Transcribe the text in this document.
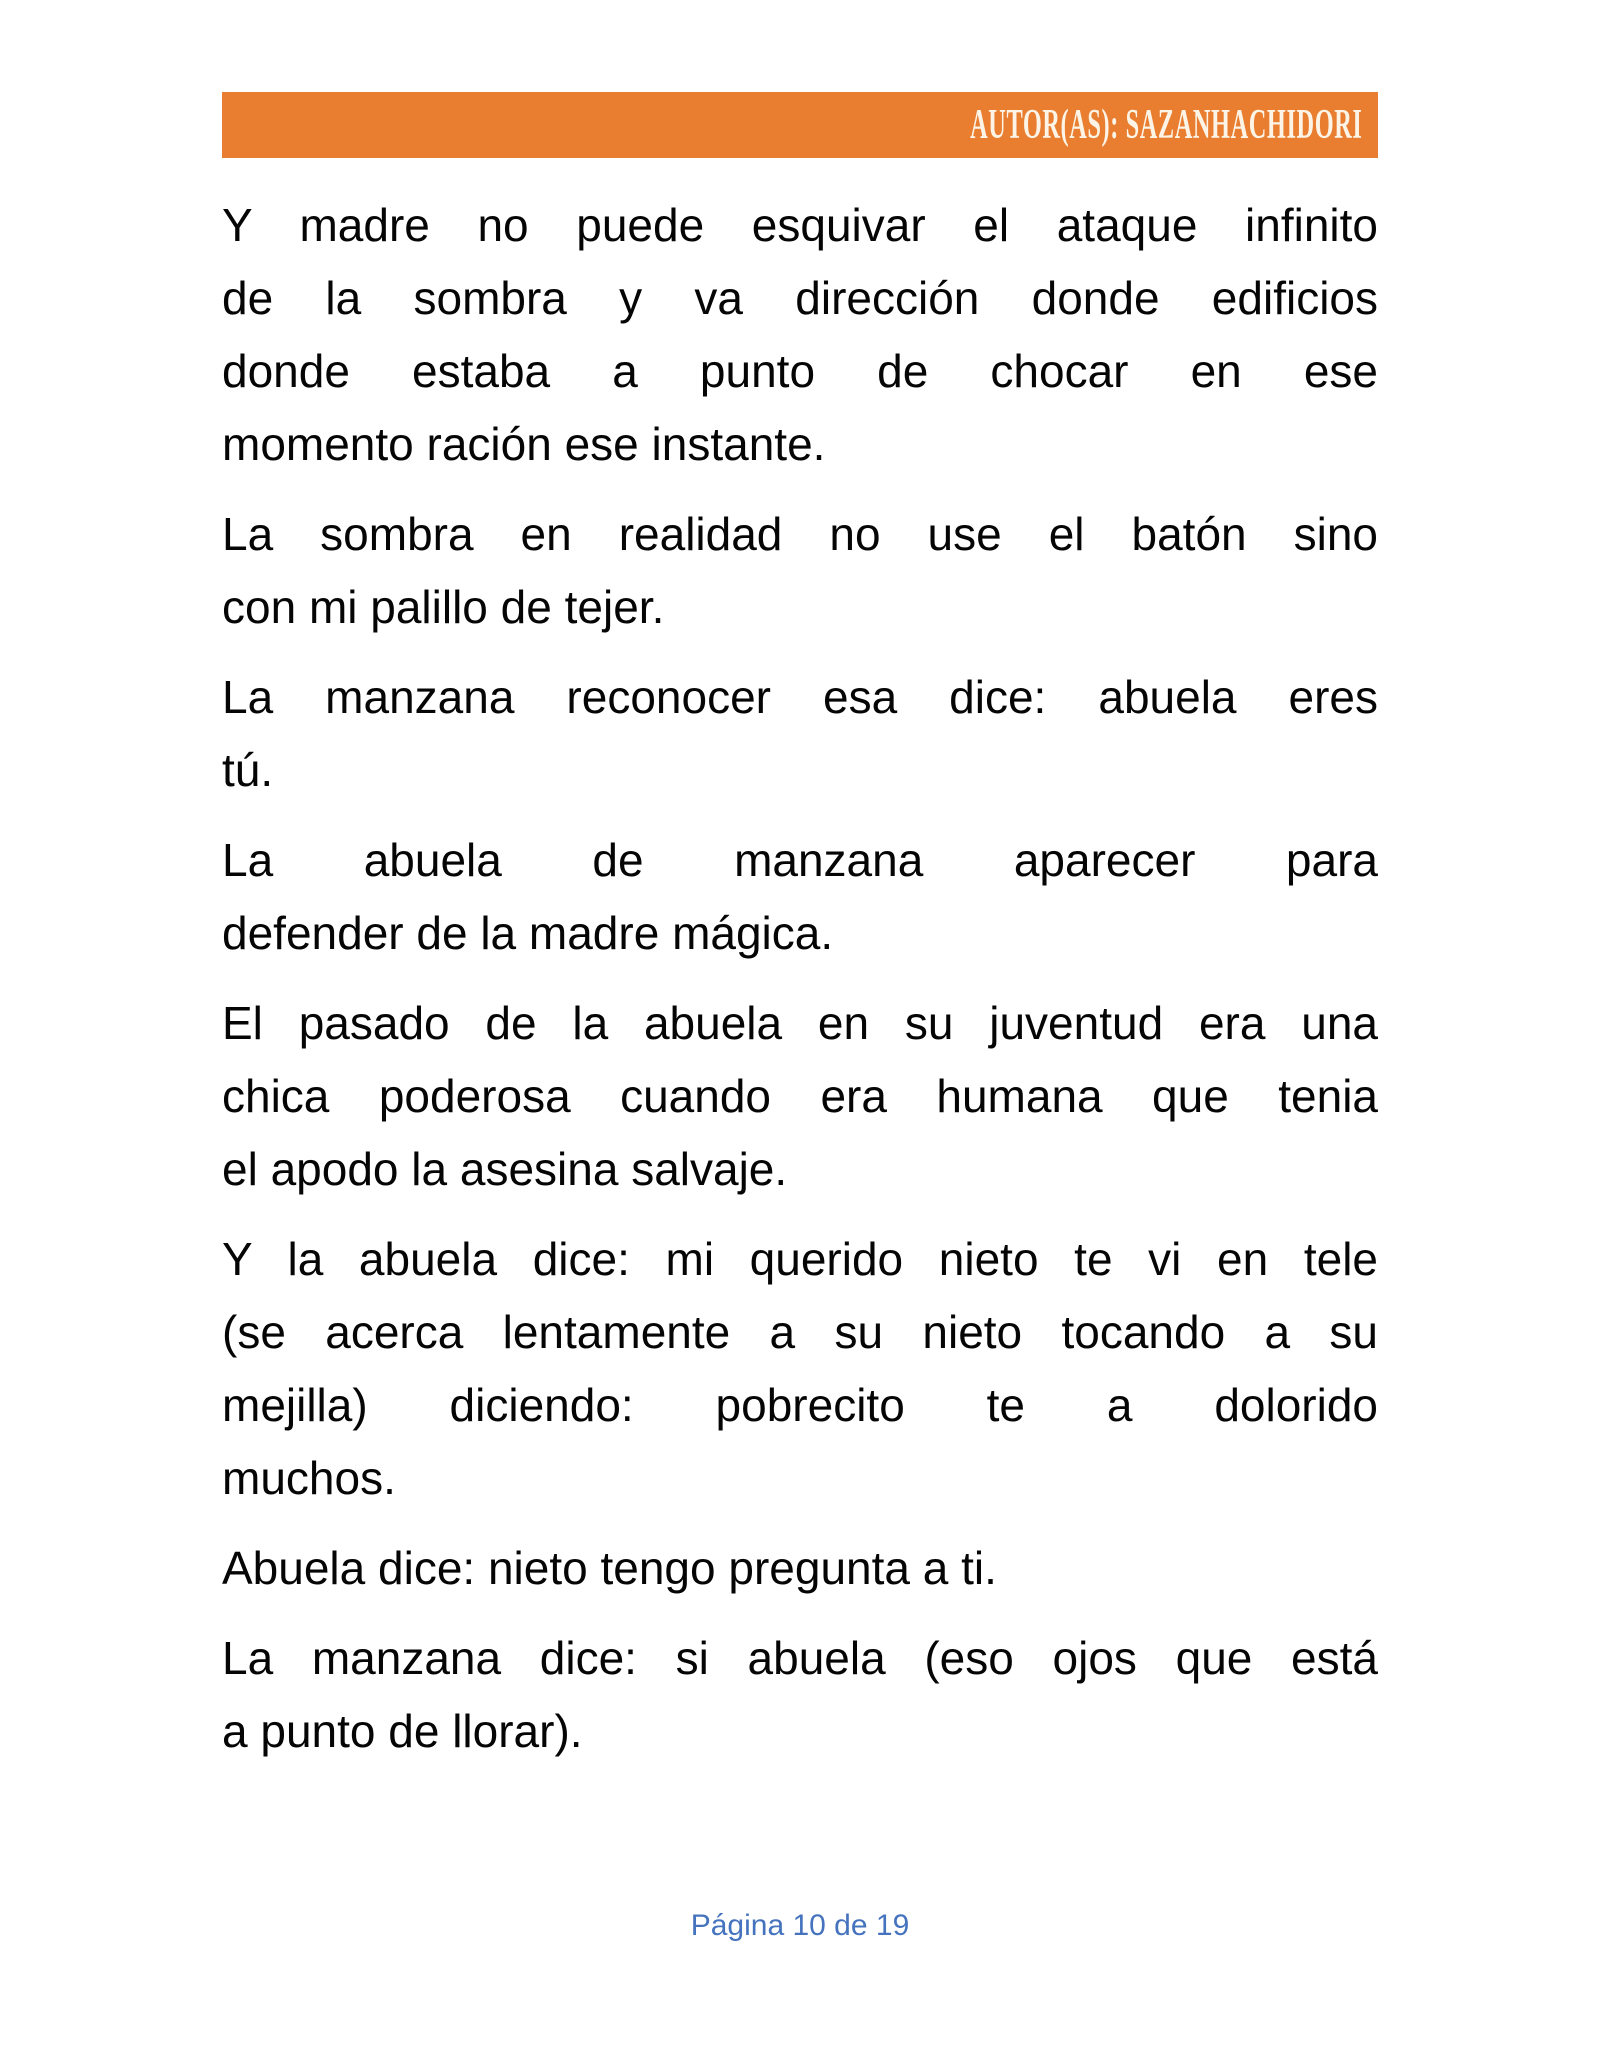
AUTOR(AS): SAZANHACHIDORI

Y madre no puede esquivar el ataque infinito
de la sombra y va dirección donde edificios
donde estaba a punto de chocar en ese
momento ración ese instante.

La sombra en realidad no use el batón sino
con mi palillo de tejer.

La manzana reconocer esa dice: abuela eres
tú.

La abuela de manzana aparecer para
defender de la madre mágica.

El pasado de la abuela en su juventud era una
chica poderosa cuando era humana que tenia
el apodo la asesina salvaje.

Y la abuela dice: mi querido nieto te vi en tele
(se acerca lentamente a su nieto tocando a su
mejilla) diciendo: pobrecito te a dolorido
muchos.

Abuela dice: nieto tengo pregunta a ti.

La manzana dice: si abuela (eso ojos que está
a punto de llorar).

Página 10 de 19
